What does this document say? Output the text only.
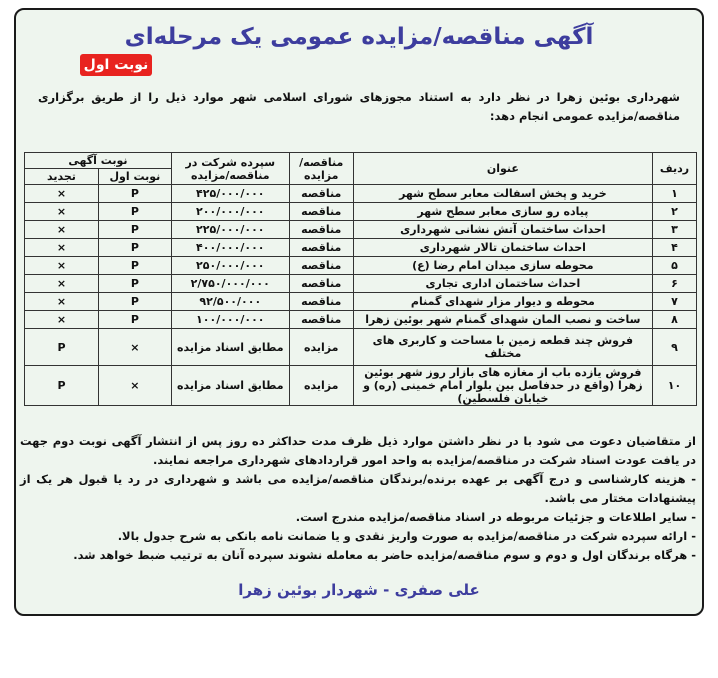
آگهی مناقصه/مزایده عمومی یک مرحله‌ای
نوبت اول
شهرداری بوئین زهرا در نظر دارد به استناد مجوزهای شورای اسلامی شهر موارد ذیل را از طریق برگزاری مناقصه/مزایده عمومی انجام دهد:
ردیف	عنوان	مناقصه/ مزایده	سپرده شرکت در مناقصه/مزایده	نوبت آگهی	
				نوبت اول	تجدید
۱	خرید و پخش اسفالت معابر سطح شهر	مناقصه	۴۲۵/۰۰۰/۰۰۰	P	×
۲	پیاده رو سازی معابر سطح شهر	مناقصه	۲۰۰/۰۰۰/۰۰۰	P	×
۳	احداث ساختمان آتش نشانی شهرداری	مناقصه	۲۲۵/۰۰۰/۰۰۰	P	×
۴	احداث ساختمان تالار شهرداری	مناقصه	۴۰۰/۰۰۰/۰۰۰	P	×
۵	محوطه سازی میدان امام رضا (ع)	مناقصه	۲۵۰/۰۰۰/۰۰۰	P	×
۶	احداث ساختمان اداری تجاری	مناقصه	۲/۷۵۰/۰۰۰/۰۰۰	P	×
۷	محوطه و دیوار مزار شهدای گمنام	مناقصه	۹۲/۵۰۰/۰۰۰	P	×
۸	ساخت و نصب المان شهدای گمنام شهر بوئین زهرا	مناقصه	۱۰۰/۰۰۰/۰۰۰	P	×
۹	فروش چند قطعه زمین با مساحت و کاربری های مختلف	مزایده	مطابق اسناد مزایده	×	P
۱۰	فروش یازده باب از مغازه های بازار روز شهر بوئین زهرا (واقع در حدفاصل بین بلوار امام خمینی (ره) و خیابان فلسطین)	مزایده	مطابق اسناد مزایده	×	P

از متقاضیان دعوت می شود با در نظر داشتن موارد ذیل ظرف مدت حداکثر ده روز پس از انتشار آگهی نوبت دوم جهت در یافت عودت اسناد شرکت در مناقصه/مزایده به واحد امور قراردادهای شهرداری مراجعه نمایند.

- هزینه کارشناسی و درج آگهی بر عهده برنده/برندگان مناقصه/مزایده می باشد و شهرداری در رد یا قبول هر یک از پیشنهادات مختار می باشد.

- سایر اطلاعات و جزئیات مربوطه در اسناد مناقصه/مزایده مندرج است.

- ارائه سپرده شرکت در مناقصه/مزایده به صورت واریز نقدی و یا ضمانت نامه بانکی به شرح جدول بالا.

- هرگاه برندگان اول و دوم و سوم مناقصه/مزایده حاضر به معامله نشوند سپرده آنان به ترتیب ضبط خواهد شد.

علی صفری - شهردار بوئین زهرا
